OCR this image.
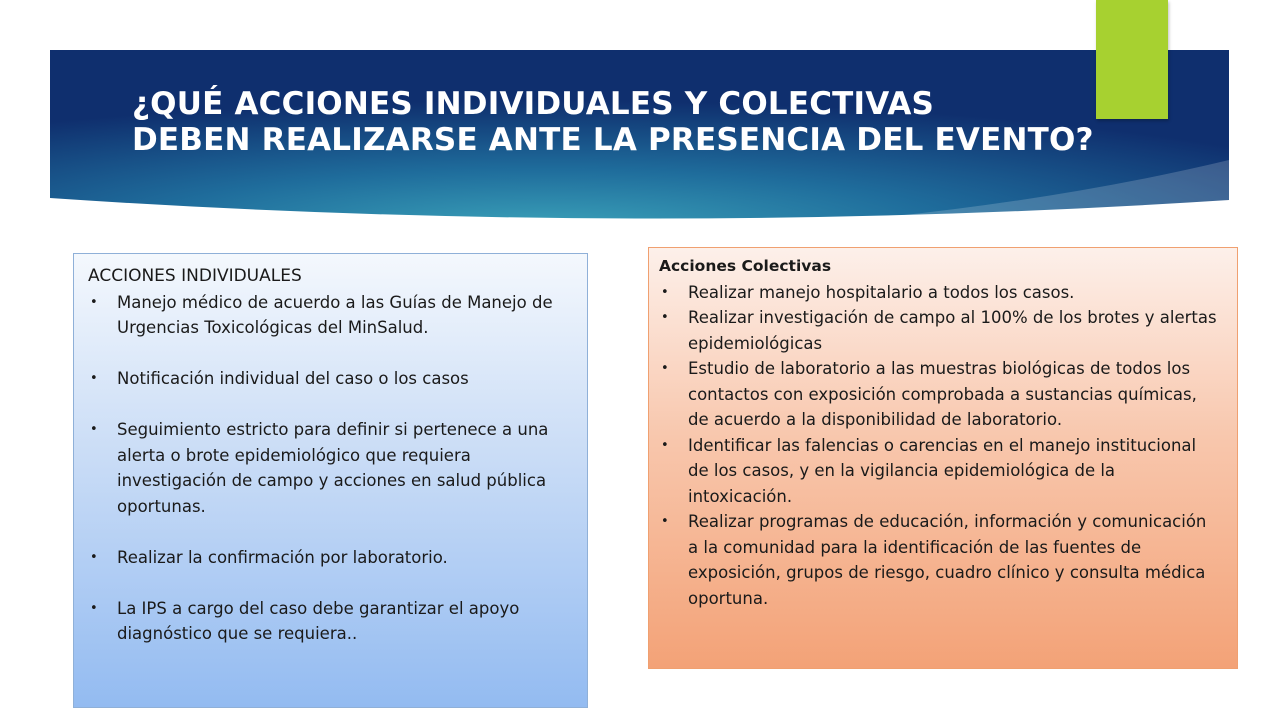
¿QUÉ ACCIONES INDIVIDUALES Y COLECTIVAS
DEBEN REALIZARSE ANTE LA PRESENCIA DEL EVENTO?
ACCIONES INDIVIDUALES
• Manejo médico de acuerdo a las Guías de Manejo de Urgencias Toxicológicas del MinSalud.
• Notificación individual del caso o los casos
• Seguimiento estricto para definir si pertenece a una alerta o brote epidemiológico que requiera investigación de campo y acciones en salud pública oportunas.
• Realizar la confirmación por laboratorio.
• La IPS a cargo del caso debe garantizar el apoyo diagnóstico que se requiera..
Acciones Colectivas
• Realizar manejo hospitalario a todos los casos.
• Realizar investigación de campo al 100% de los brotes y alertas epidemiológicas
• Estudio de laboratorio a las muestras biológicas de todos los contactos con exposición comprobada a sustancias químicas, de acuerdo a la disponibilidad de laboratorio.
• Identificar las falencias o carencias en el manejo institucional de los casos, y en la vigilancia epidemiológica de la intoxicación.
• Realizar programas de educación, información y comunicación a la comunidad para la identificación de las fuentes de exposición, grupos de riesgo, cuadro clínico y consulta médica oportuna.
